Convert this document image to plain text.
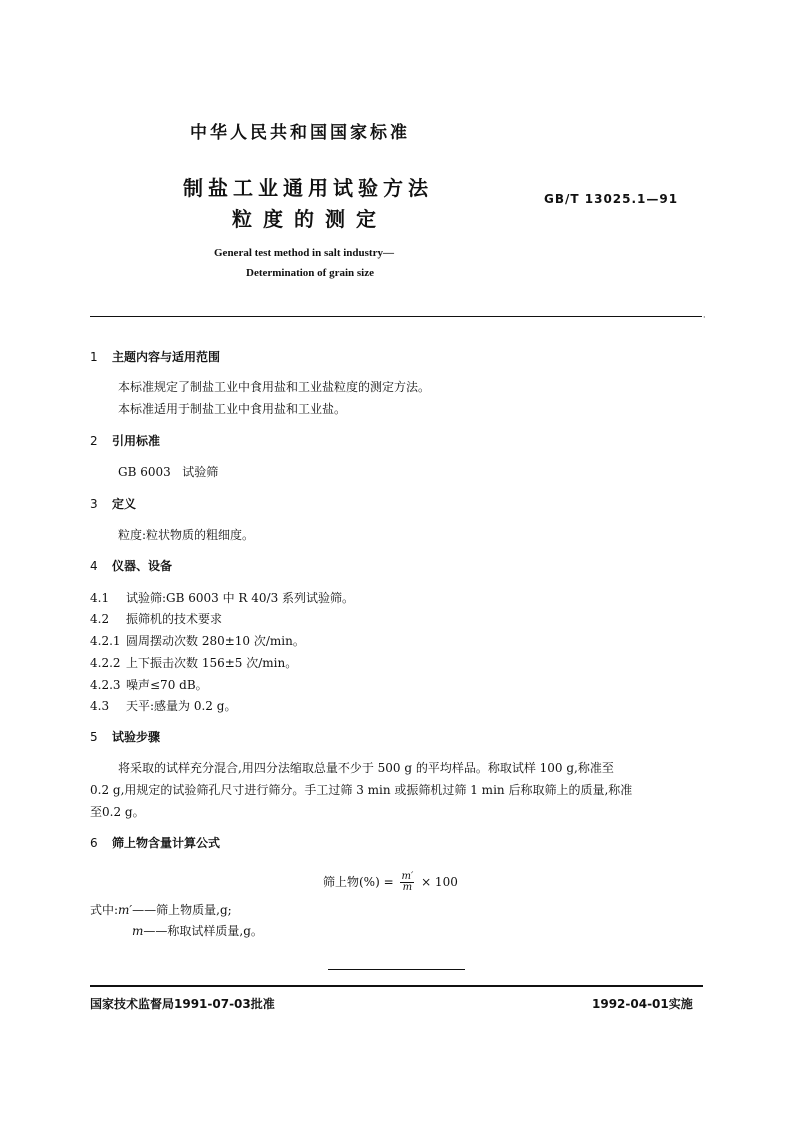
中华人民共和国国家标准
制盐工业通用试验方法
粒度的测定
GB/T 13025.1—91
General test method in salt industry—
Determination of grain size
·
1 主题内容与适用范围
本标准规定了制盐工业中食用盐和工业盐粒度的测定方法。
本标准适用于制盐工业中食用盐和工业盐。
2 引用标准
GB 6003   试验筛
3 定义
粒度:粒状物质的粗细度。
4 仪器、设备
4.1 试验筛:GB 6003 中 R 40/3 系列试验筛。
4.2 振筛机的技术要求
4.2.1 圆周摆动次数 280±10 次/min。
4.2.2 上下振击次数 156±5 次/min。
4.2.3 噪声≤70 dB。
4.3 天平:感量为 0.2 g。
5 试验步骤
将采取的试样充分混合,用四分法缩取总量不少于 500 g 的平均样品。称取试样 100 g,称准至
0.2 g,用规定的试验筛孔尺寸进行筛分。手工过筛 3 min 或振筛机过筛 1 min 后称取筛上的质量,称准
至0.2 g。
6 筛上物含量计算公式
筛上物(%) = $\frac{m'}{m} \times 100$
式中:m′——筛上物质量,g;
m——称取试样质量,g。
国家技术监督局1991-07-03批准	1992-04-01实施
